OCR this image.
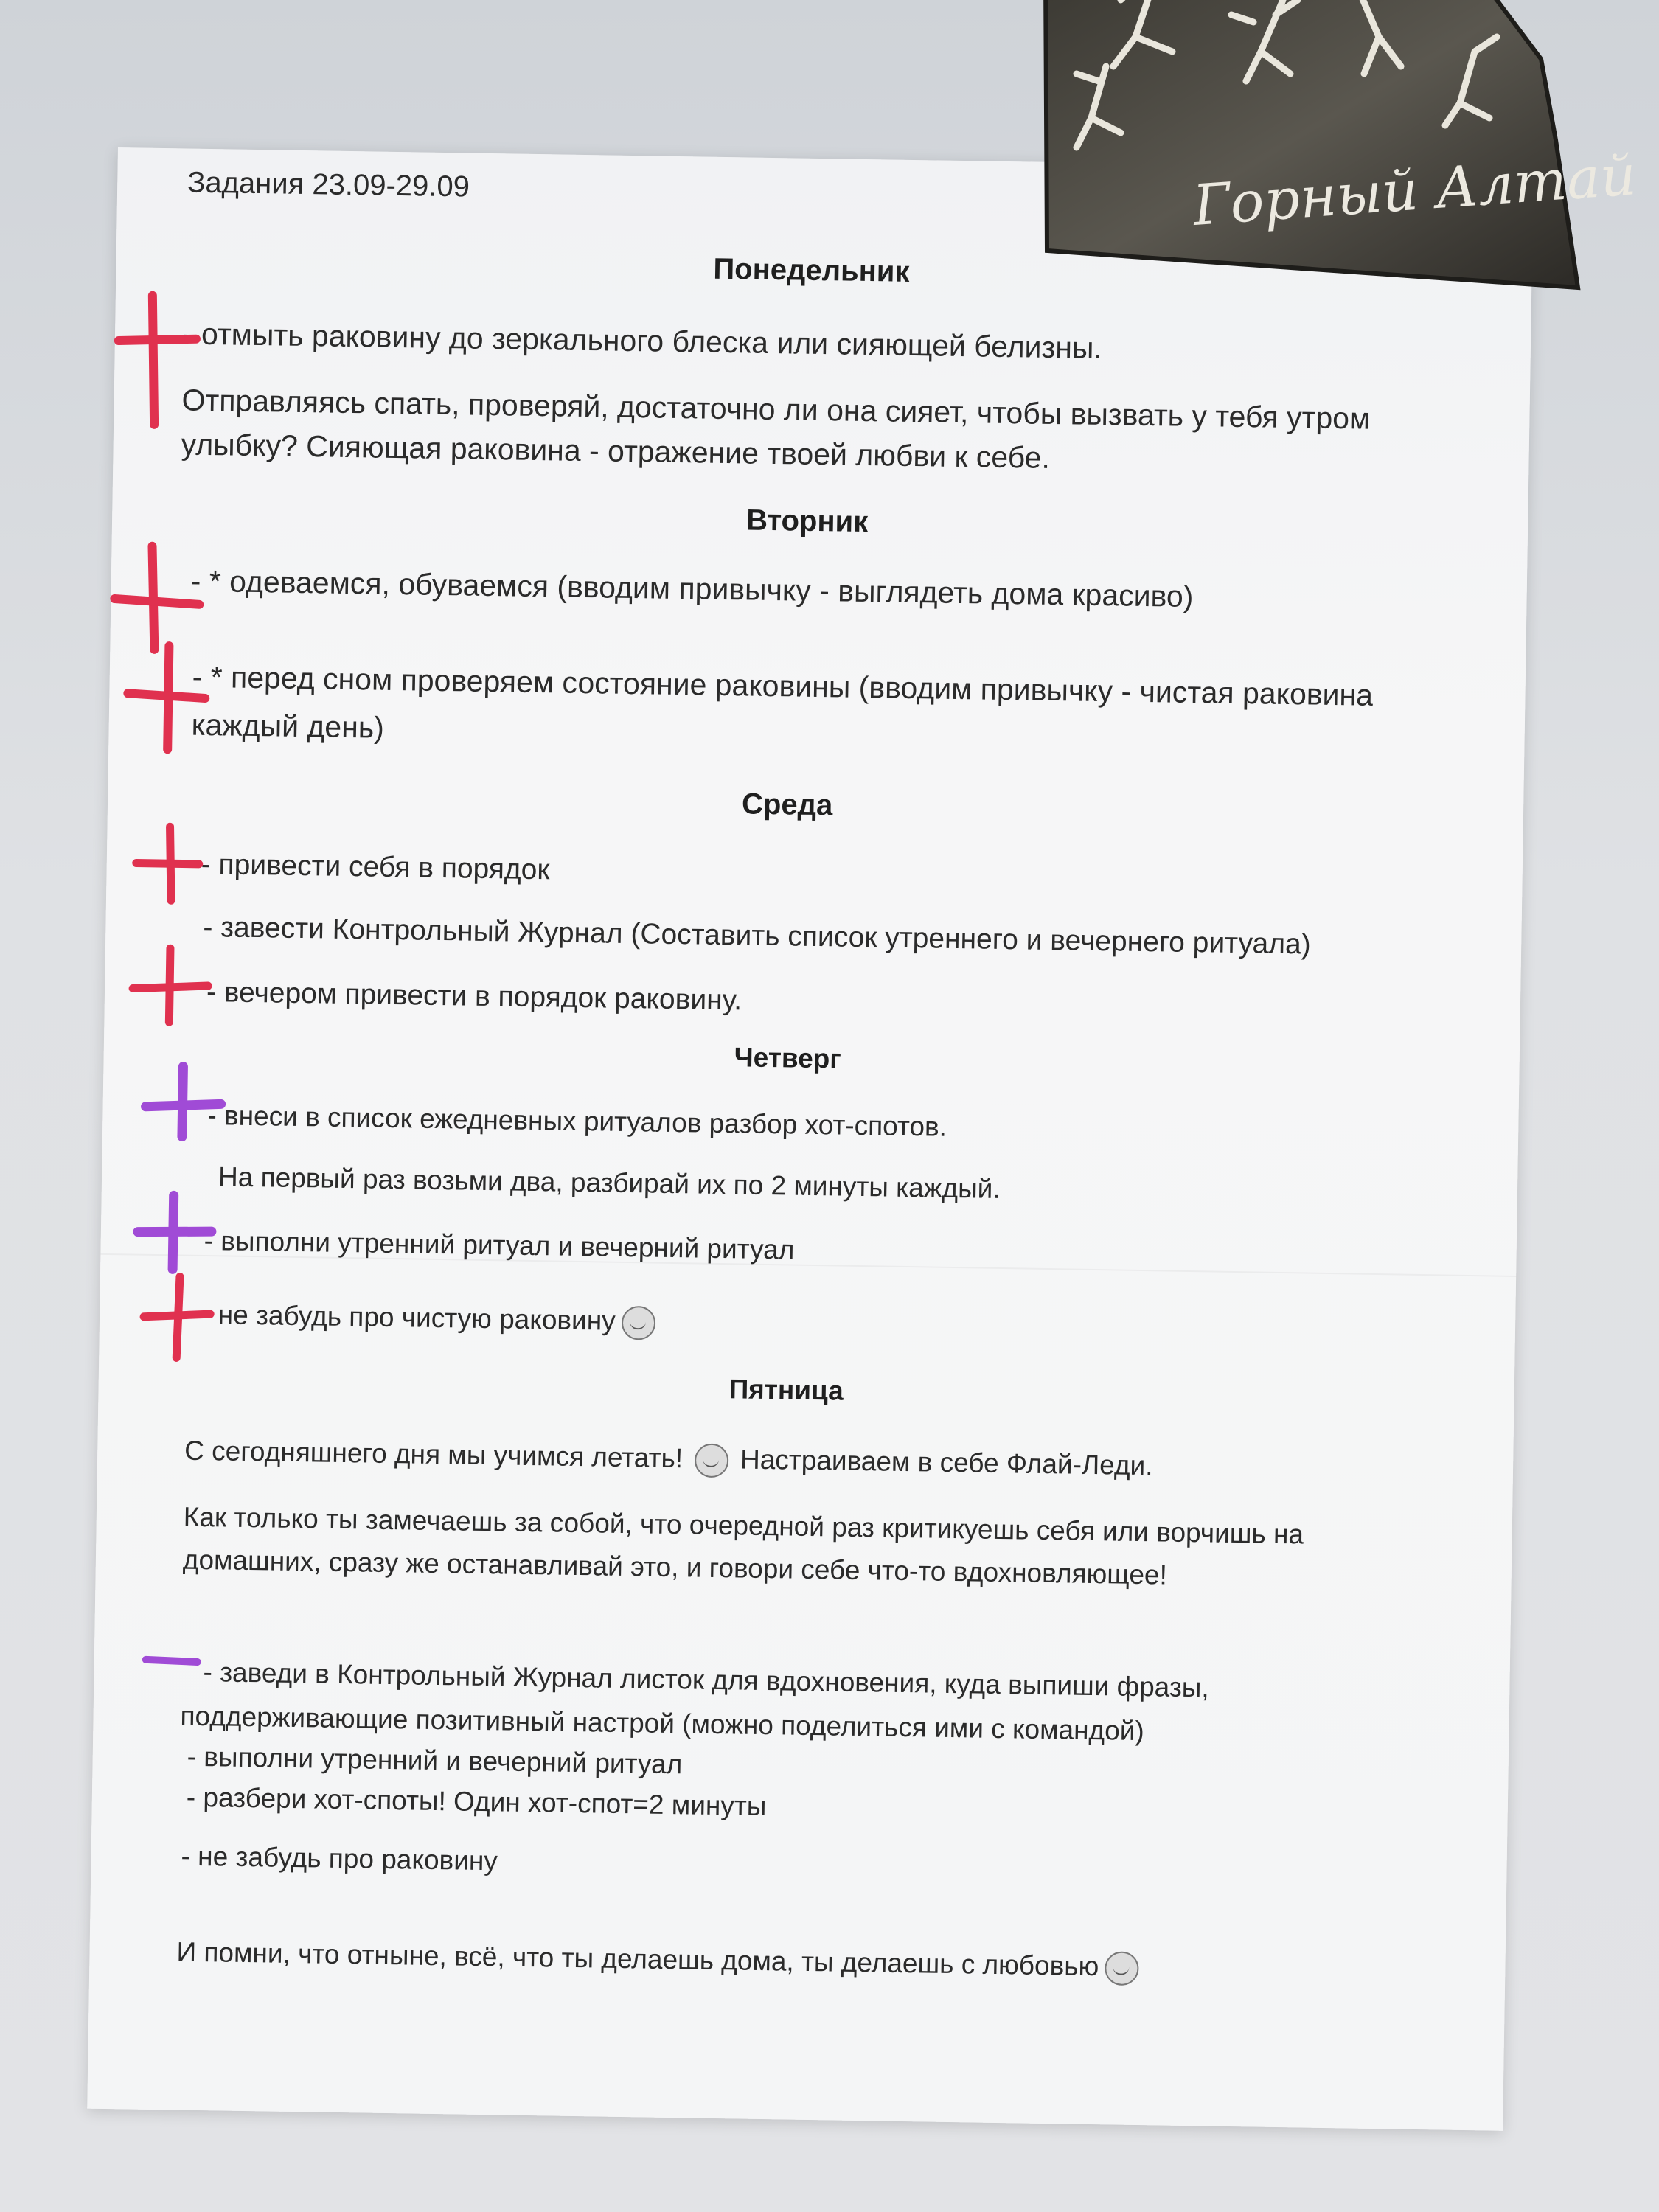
Задания 23.09-29.09
Понедельник
- отмыть раковину до зеркального блеска или сияющей белизны.
Отправляясь спать, проверяй, достаточно ли она сияет, чтобы вызвать у тебя утром
улыбку? Сияющая раковина - отражение твоей любви к себе.
Вторник
- * одеваемся, обуваемся (вводим привычку - выглядеть дома красиво)
- * перед сном проверяем состояние раковины (вводим привычку - чистая раковина
каждый день)
Среда
- привести себя в порядок
- завести Контрольный Журнал (Составить список утреннего и вечернего ритуала)
- вечером привести в порядок раковину.
Четверг
- внеси в список ежедневных ритуалов разбор хот-спотов.
На первый раз возьми два, разбирай их по 2 минуты каждый.
- выполни утренний ритуал и вечерний ритуал
- не забудь про чистую раковину
Пятница
С сегодняшнего дня мы учимся летать! Настраиваем в себе Флай-Леди.
Как только ты замечаешь за собой, что очередной раз критикуешь себя или ворчишь на
домашних, сразу же останавливай это, и говори себе что-то вдохновляющее!
- заведи в Контрольный Журнал листок для вдохновения, куда выпиши фразы,
поддерживающие позитивный настрой (можно поделиться ими с командой)
- выполни утренний и вечерний ритуал
- разбери хот-споты! Один хот-спот=2 минуты
- не забудь про раковину
И помни, что отныне, всё, что ты делаешь дома, ты делаешь с любовью
Горный Алтай
